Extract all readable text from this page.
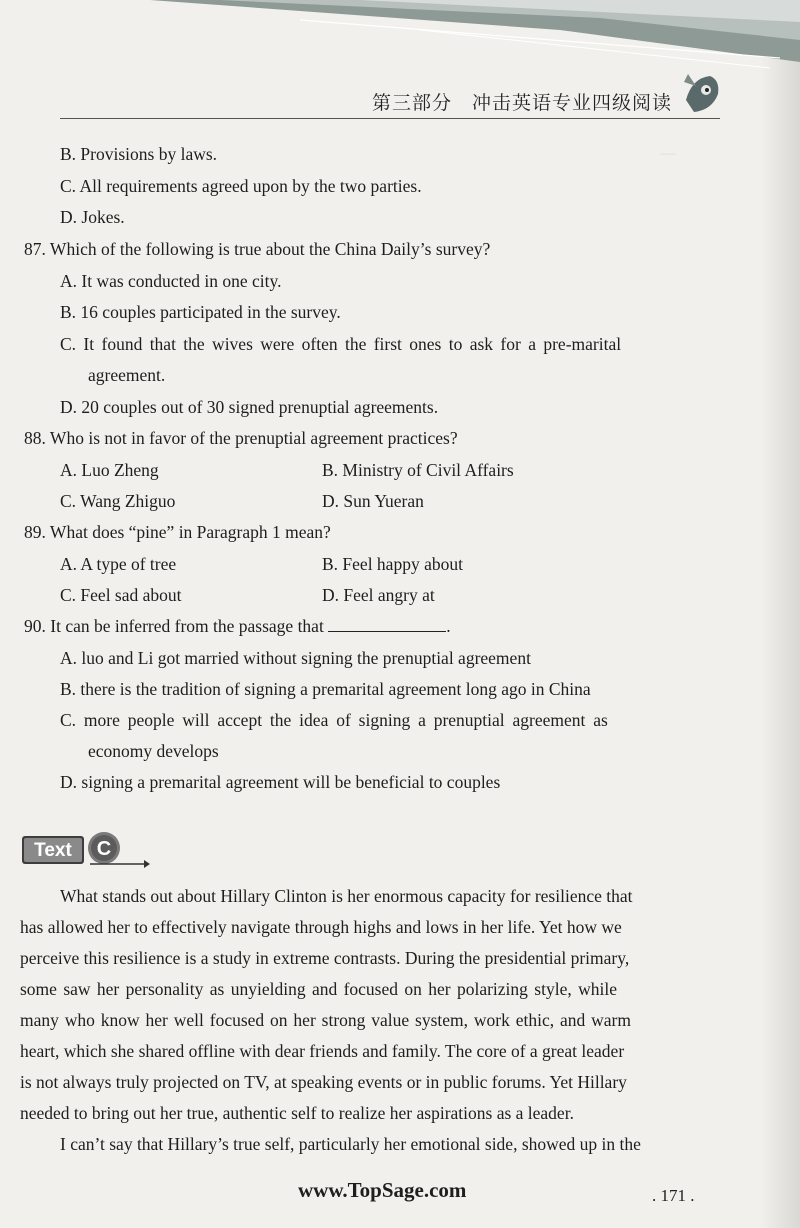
第三部分　冲击英语专业四级阅读
—
B. Provisions by laws.
C. All requirements agreed upon by the two parties.
D. Jokes.
87. Which of the following is true about the China Daily’s survey?
A. It was conducted in one city.
B. 16 couples participated in the survey.
C. It found that the wives were often the first ones to ask for a pre-marital
agreement.
D. 20 couples out of 30 signed prenuptial agreements.
88. Who is not in favor of the prenuptial agreement practices?
A. Luo Zheng	B. Ministry of Civil Affairs
C. Wang Zhiguo	D. Sun Yueran
89. What does “pine” in Paragraph 1 mean?
A. A type of tree	B. Feel happy about
C. Feel sad about	D. Feel angry at
90. It can be inferred from the passage that	.
A. luo and Li got married without signing the prenuptial agreement
B. there is the tradition of signing a premarital agreement long ago in China
C. more people will accept the idea of signing a prenuptial agreement as
economy develops
D. signing a premarital agreement will be beneficial to couples
Text C
What stands out about Hillary Clinton is her enormous capacity for resilience that
has allowed her to effectively navigate through highs and lows in her life. Yet how we
perceive this resilience is a study in extreme contrasts. During the presidential primary,
some saw her personality as unyielding and focused on her polarizing style, while
many who know her well focused on her strong value system, work ethic, and warm
heart, which she shared offline with dear friends and family. The core of a great leader
is not always truly projected on TV, at speaking events or in public forums. Yet Hillary
needed to bring out her true, authentic self to realize her aspirations as a leader.
I can’t say that Hillary’s true self, particularly her emotional side, showed up in the
www.TopSage.com	. 171 .
